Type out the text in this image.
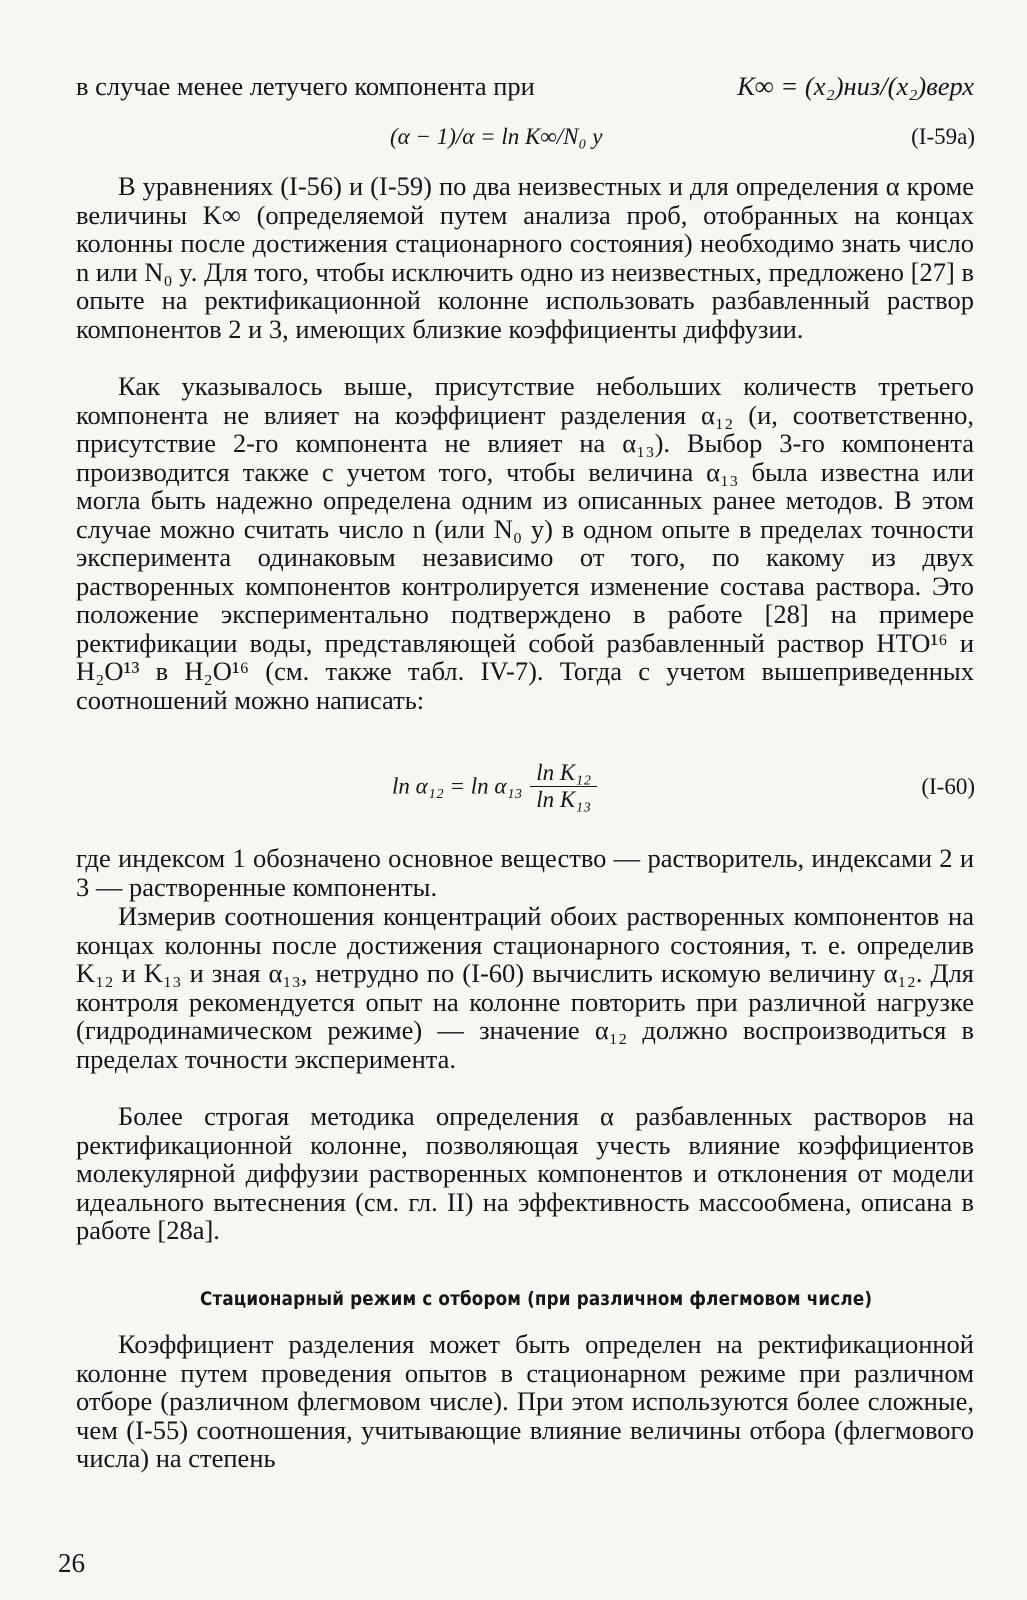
в случае менее летучего компонента при	K∞ = (x₂)низ/(x₂)верх

(α − 1)/α = ln K∞/N₀ y	(I-59а)

В уравнениях (I-56) и (I-59) по два неизвестных и для определения α кроме величины K∞ (определяемой путем анализа проб, отобранных на концах колонны после достижения стационарного состояния) необходимо знать число n или N₀ y. Для того, чтобы исключить одно из неизвестных, предложено [27] в опыте на ректификационной колонне использовать разбавленный раствор компонентов 2 и 3, имеющих близкие коэффициенты диффузии.

Как указывалось выше, присутствие небольших количеств третьего компонента не влияет на коэффициент разделения α₁₂ (и, соответственно, присутствие 2-го компонента не влияет на α₁₃). Выбор 3-го компонента производится также с учетом того, чтобы величина α₁₃ была известна или могла быть надежно определена одним из описанных ранее методов. В этом случае можно считать число n (или N₀ y) в одном опыте в пределах точности эксперимента одинаковым независимо от того, по какому из двух растворенных компонентов контролируется изменение состава раствора. Это положение экспериментально подтверждено в работе [28] на примере ректификации воды, представляющей собой разбавленный раствор HTO¹⁶ и H₂O¹³ в H₂O¹⁶ (см. также табл. IV-7). Тогда с учетом вышеприведенных соотношений можно написать:

$\ln \alpha_{12} = \ln \alpha_{13} \frac{\text{ln K₁₂}}{\text{ln K₁₃}}$	(I-60)

где индексом 1 обозначено основное вещество — растворитель, индексами 2 и 3 — растворенные компоненты.

Измерив соотношения концентраций обоих растворенных компонентов на концах колонны после достижения стационарного состояния, т. е. определив K₁₂ и K₁₃ и зная α₁₃, нетрудно по (I-60) вычислить искомую величину α₁₂. Для контроля рекомендуется опыт на колонне повторить при различной нагрузке (гидродинамическом режиме) — значение α₁₂ должно воспроизводиться в пределах точности эксперимента.

Более строгая методика определения α разбавленных растворов на ректификационной колонне, позволяющая учесть влияние коэффициентов молекулярной диффузии растворенных компонентов и отклонения от модели идеального вытеснения (см. гл. II) на эффективность массообмена, описана в работе [28а].

Стационарный режим с отбором (при различном флегмовом числе)

Коэффициент разделения может быть определен на ректификационной колонне путем проведения опытов в стационарном режиме при различном отборе (различном флегмовом числе). При этом используются более сложные, чем (I-55) соотношения, учитывающие влияние величины отбора (флегмового числа) на степень

26
